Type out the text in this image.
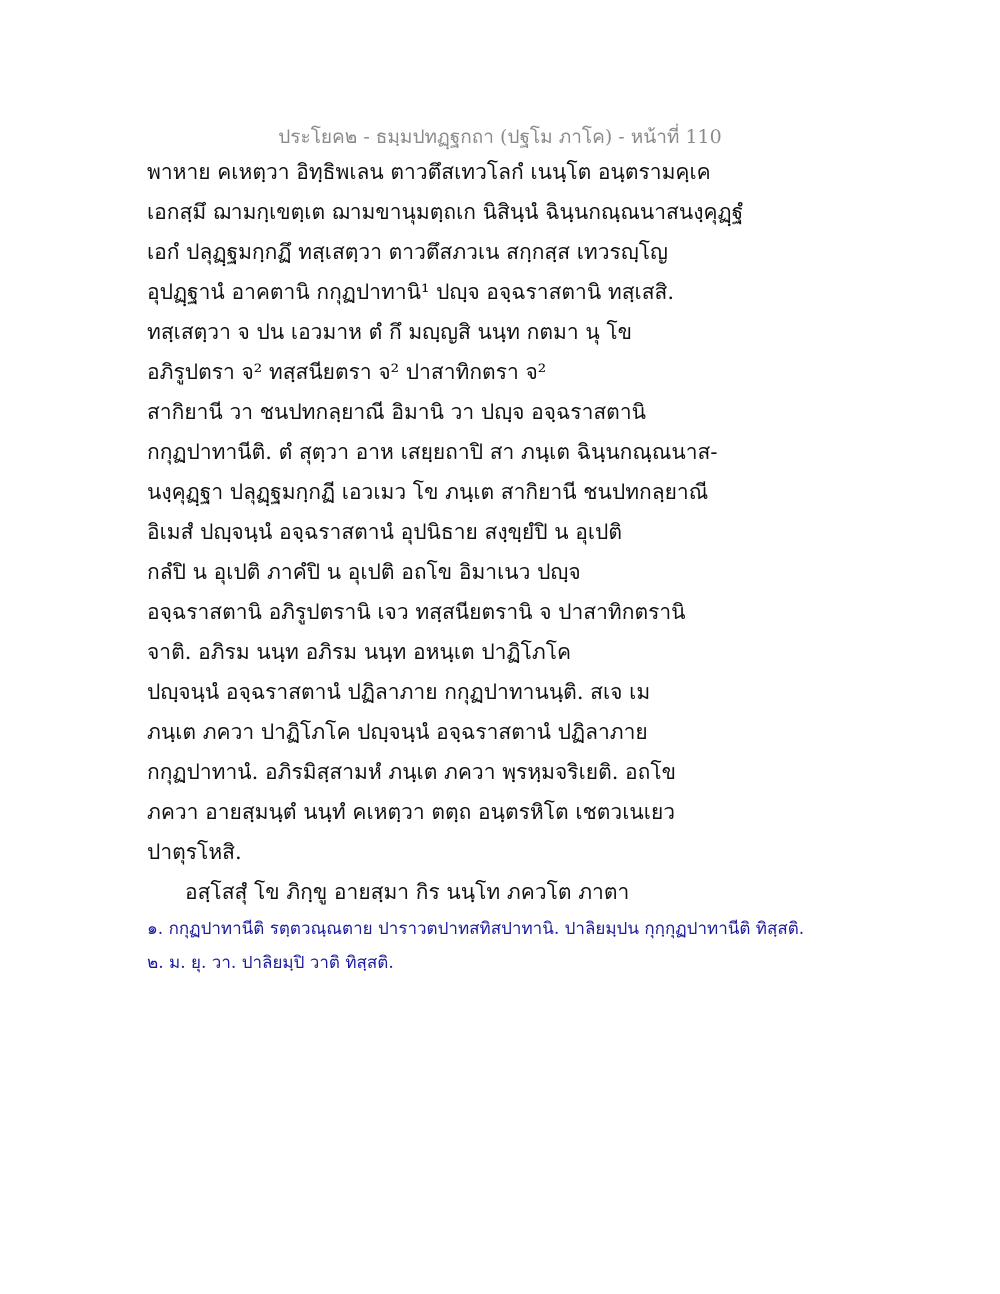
ประโยค๒ - ธมฺมปทฏฺฐกถา (ปฐโม ภาโค) - หน้าที่ 110
พาหาย คเหตฺวา อิทฺธิพเลน ตาวตึสเทวโลกํ เนนฺโต อนฺตรามคฺเค
เอกสฺมึ ฌามกฺเขตฺเต ฌามขานุมตฺถเก นิสินฺนํ ฉินฺนกณฺณนาสนงฺคุฏฺฐํ
เอกํ ปลุฏฺฐมกฺกฏึ ทสฺเสตฺวา ตาวตึสภวเน สกฺกสฺส เทวรญฺโญ
อุปฏฺฐานํ อาคตานิ กกุฏปาทานิ¹ ปญฺจ อจฺฉราสตานิ ทสฺเสสิ.
ทสฺเสตฺวา จ ปน เอวมาห ตํ กึ มญฺญสิ นนฺท กตมา นุ โข
อภิรูปตรา จ² ทสฺสนียตรา จ² ปาสาทิกตรา จ²
สากิยานี วา ชนปทกลฺยาณี อิมานิ วา ปญฺจ อจฺฉราสตานิ
กกุฏปาทานีติ. ตํ สุตฺวา อาห เสยฺยถาปิ สา ภนฺเต ฉินฺนกณฺณนาส-
นงฺคุฏฺฐา ปลุฏฺฐมกฺกฏี เอวเมว โข ภนฺเต สากิยานี ชนปทกลฺยาณี
อิเมสํ ปญฺจนฺนํ อจฺฉราสตานํ อุปนิธาย สงฺขฺยํปิ น อุเปติ
กลํปิ น อุเปติ ภาคํปิ น อุเปติ อถโข อิมาเนว ปญฺจ
อจฺฉราสตานิ อภิรูปตรานิ เจว ทสฺสนียตรานิ จ ปาสาทิกตรานิ
จาติ. อภิรม นนฺท อภิรม นนฺท อหนฺเต ปาฏิโภโค
ปญฺจนฺนํ อจฺฉราสตานํ ปฏิลาภาย กกุฏปาทานนฺติ. สเจ เม
ภนฺเต ภควา ปาฏิโภโค ปญฺจนฺนํ อจฺฉราสตานํ ปฏิลาภาย
กกุฏปาทานํ. อภิรมิสฺสามหํ ภนฺเต ภควา พฺรหฺมจริเยติ. อถโข
ภควา อายสฺมนฺตํ นนฺทํ คเหตฺวา ตตฺถ อนฺตรหิโต เชตวเนเยว
ปาตุรโหสิ.
อสฺโสสุํ โข ภิกฺขู อายสฺมา กิร นนฺโท ภควโต ภาตา
๑. กกุฏปาทานีติ รตฺตวณฺณตาย ปาราวตปาทสทิสปาทานิ. ปาลิยมฺปน กุกฺกุฏปาทานีติ ทิสฺสติ.
๒. ม. ยุ. วา. ปาลิยมฺปิ วาติ ทิสฺสติ.
